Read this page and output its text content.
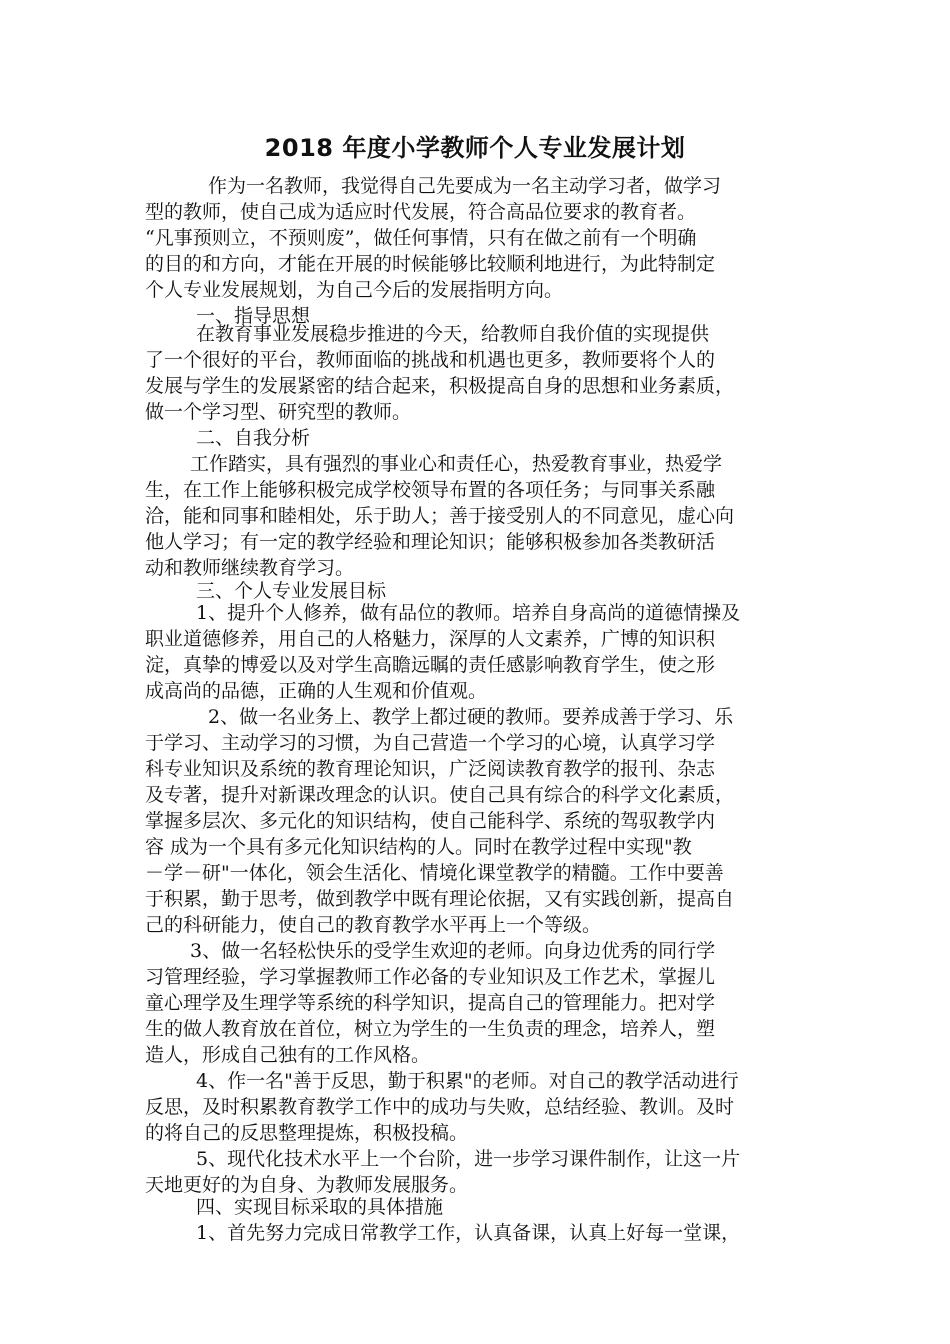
2018 年度小学教师个人专业发展计划
作为一名教师，我觉得自己先要成为一名主动学习者，做学习
型的教师，使自己成为适应时代发展，符合高品位要求的教育者。
“凡事预则立，不预则废”，做任何事情，只有在做之前有一个明确
的目的和方向，才能在开展的时候能够比较顺利地进行，为此特制定
个人专业发展规划，为自己今后的发展指明方向。
一、指导思想
在教育事业发展稳步推进的今天，给教师自我价值的实现提供
了一个很好的平台，教师面临的挑战和机遇也更多，教师要将个人的
发展与学生的发展紧密的结合起来，积极提高自身的思想和业务素质，
做一个学习型、研究型的教师。
二、自我分析
工作踏实，具有强烈的事业心和责任心，热爱教育事业，热爱学
生，在工作上能够积极完成学校领导布置的各项任务；与同事关系融
洽，能和同事和睦相处，乐于助人；善于接受别人的不同意见，虚心向
他人学习；有一定的教学经验和理论知识；能够积极参加各类教研活
动和教师继续教育学习。
三、个人专业发展目标
1、提升个人修养，做有品位的教师。培养自身高尚的道德情操及
职业道德修养，用自己的人格魅力，深厚的人文素养，广博的知识积
淀，真挚的博爱以及对学生高瞻远瞩的责任感影响教育学生，使之形
成高尚的品德，正确的人生观和价值观。
2、做一名业务上、教学上都过硬的教师。要养成善于学习、乐
于学习、主动学习的习惯，为自己营造一个学习的心境，认真学习学
科专业知识及系统的教育理论知识，广泛阅读教育教学的报刊、杂志
及专著，提升对新课改理念的认识。使自己具有综合的科学文化素质，
掌握多层次、多元化的知识结构，使自己能科学、系统的驾驭教学内
容 成为一个具有多元化知识结构的人。同时在教学过程中实现"教
－学－研"一体化，领会生活化、情境化课堂教学的精髓。工作中要善
于积累，勤于思考，做到教学中既有理论依据，又有实践创新，提高自
己的科研能力，使自己的教育教学水平再上一个等级。
3、做一名轻松快乐的受学生欢迎的老师。向身边优秀的同行学
习管理经验，学习掌握教师工作必备的专业知识及工作艺术，掌握儿
童心理学及生理学等系统的科学知识，提高自己的管理能力。把对学
生的做人教育放在首位，树立为学生的一生负责的理念，培养人，塑
造人，形成自己独有的工作风格。
4、作一名"善于反思，勤于积累"的老师。对自己的教学活动进行
反思，及时积累教育教学工作中的成功与失败，总结经验、教训。及时
的将自己的反思整理提炼，积极投稿。
5、现代化技术水平上一个台阶，进一步学习课件制作，让这一片
天地更好的为自身、为教师发展服务。
四、实现目标采取的具体措施
1、首先努力完成日常教学工作，认真备课，认真上好每一堂课，
